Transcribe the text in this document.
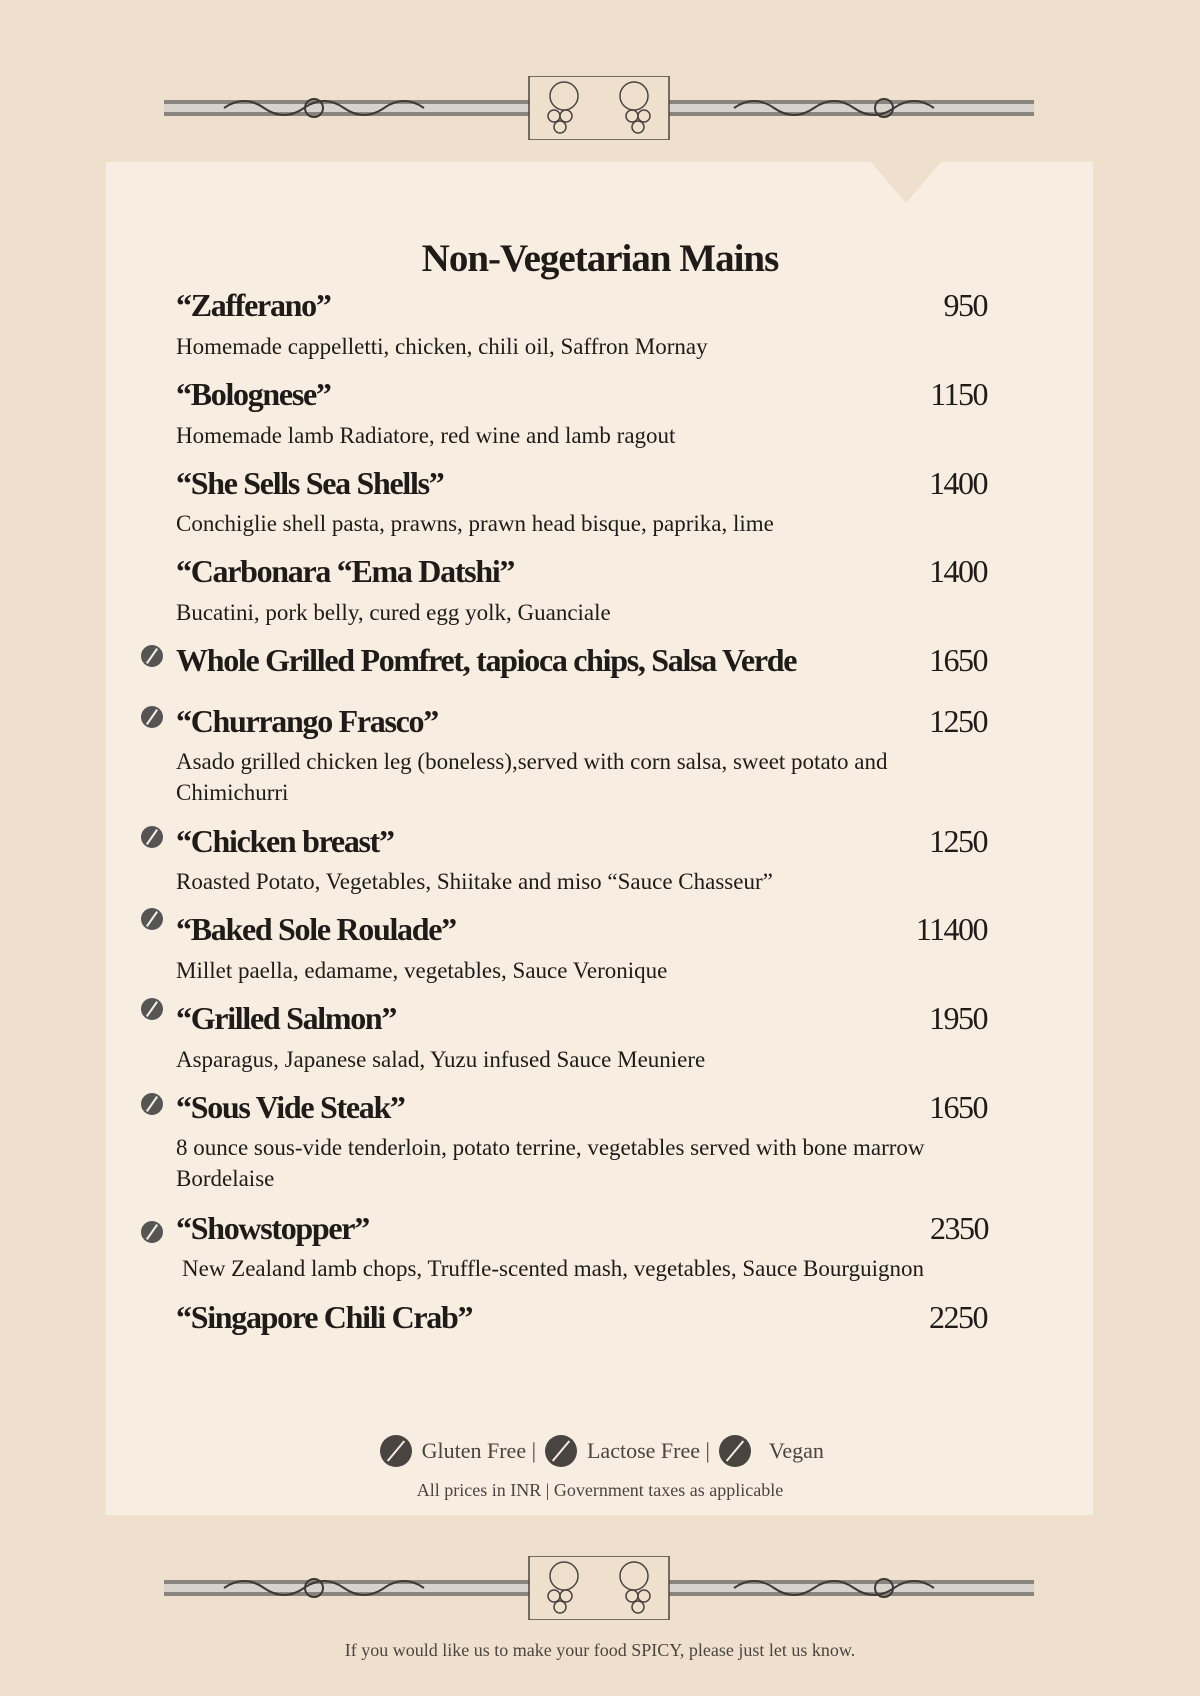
Non-Vegetarian Mains
“Zafferano”	950
Homemade cappelletti, chicken, chili oil, Saffron Mornay
“Bolognese”	1150
Homemade lamb Radiatore, red wine and lamb ragout
“She Sells Sea Shells”	1400
Conchiglie shell pasta, prawns, prawn head bisque, paprika, lime
“Carbonara “Ema Datshi”	1400
Bucatini, pork belly, cured egg yolk, Guanciale
Whole Grilled Pomfret, tapioca chips, Salsa Verde	1650
“Churrango Frasco”	1250
Asado grilled chicken leg (boneless),served with corn salsa, sweet potato and Chimichurri
“Chicken breast”	1250
Roasted Potato, Vegetables, Shiitake and miso “Sauce Chasseur”
“Baked Sole Roulade”	11400
Millet paella, edamame, vegetables, Sauce Veronique
“Grilled Salmon”	1950
Asparagus, Japanese salad, Yuzu infused Sauce Meuniere
“Sous Vide Steak”	1650
8 ounce sous-vide tenderloin, potato terrine, vegetables served with bone marrow Bordelaise
“Showstopper”	2350
New Zealand lamb chops, Truffle-scented mash, vegetables, Sauce Bourguignon
“Singapore Chili Crab”	2250
Gluten Free | Lactose Free |	Vegan
All prices in INR | Government taxes as applicable
If you would like us to make your food SPICY, please just let us know.
